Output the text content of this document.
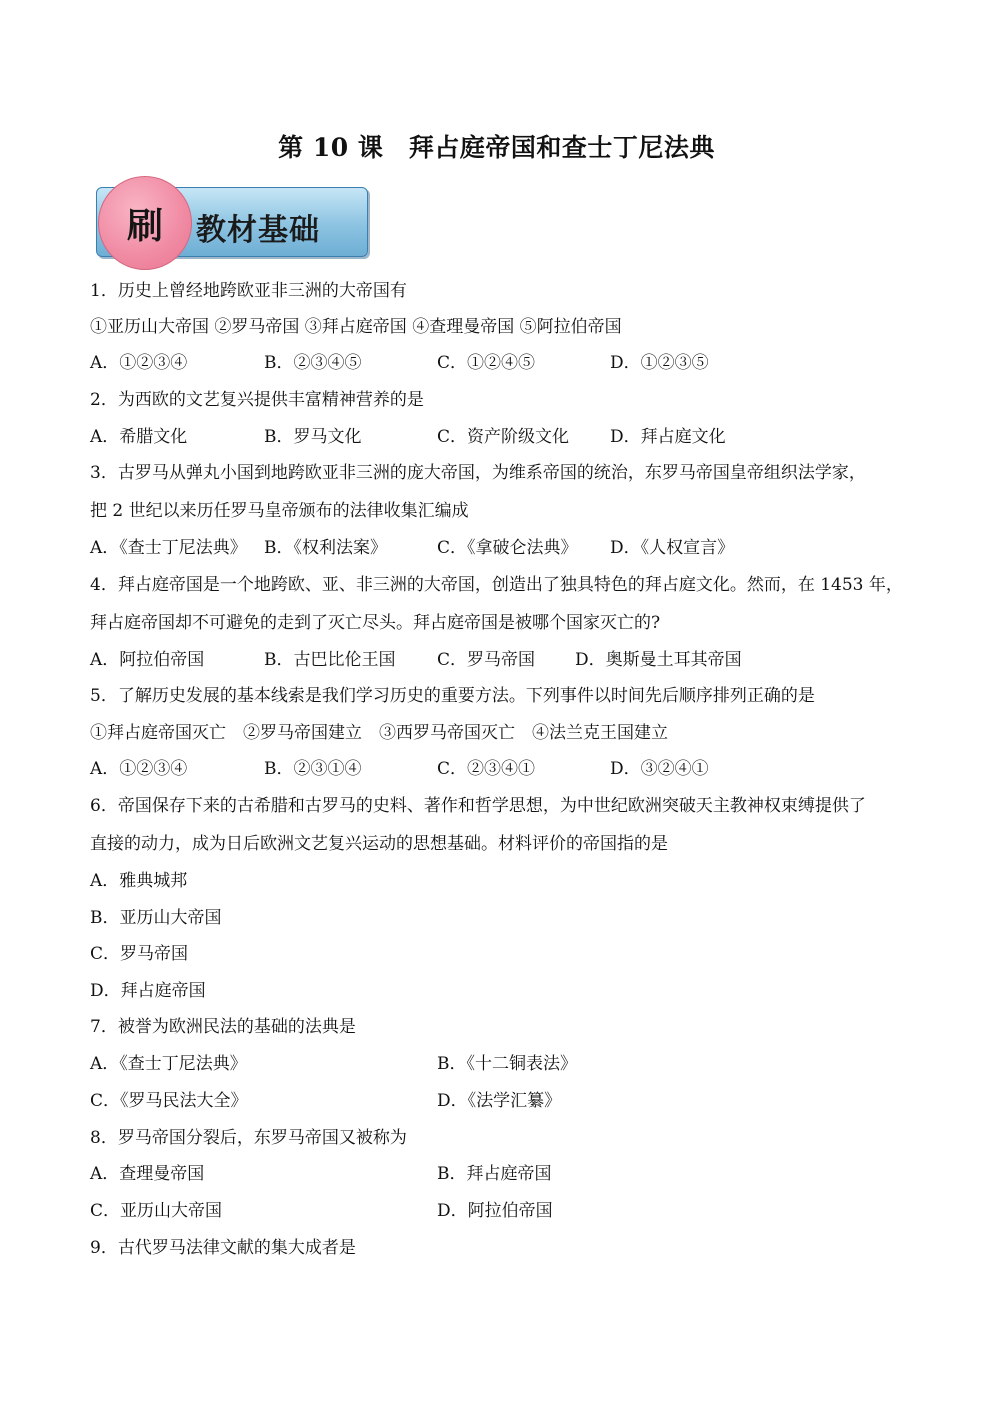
第 10 课　拜占庭帝国和查士丁尼法典
刷	教材基础
1．历史上曾经地跨欧亚非三洲的大帝国有
①亚历山大帝国 ②罗马帝国 ③拜占庭帝国 ④查理曼帝国 ⑤阿拉伯帝国
A．①②③④	B．②③④⑤	C．①②④⑤	D．①②③⑤
2．为西欧的文艺复兴提供丰富精神营养的是
A．希腊文化	B．罗马文化	C．资产阶级文化 D．拜占庭文化
3．古罗马从弹丸小国到地跨欧亚非三洲的庞大帝国，为维系帝国的统治，东罗马帝国皇帝组织法学家，
把 2 世纪以来历任罗马皇帝颁布的法律收集汇编成
A．《查士丁尼法典》 B．《权利法案》	C．《拿破仑法典》 D．《人权宣言》
4．拜占庭帝国是一个地跨欧、亚、非三洲的大帝国，创造出了独具特色的拜占庭文化。然而，在 1453 年，
拜占庭帝国却不可避免的走到了灭亡尽头。拜占庭帝国是被哪个国家灭亡的?
A．阿拉伯帝国	B．古巴比伦王国 C．罗马帝国 D．奥斯曼土耳其帝国
5．了解历史发展的基本线索是我们学习历史的重要方法。下列事件以时间先后顺序排列正确的是
①拜占庭帝国灭亡　②罗马帝国建立　③西罗马帝国灭亡　④法兰克王国建立
A．①②③④	B．②③①④	C．②③④①	D．③②④①
6．帝国保存下来的古希腊和古罗马的史料、著作和哲学思想，为中世纪欧洲突破天主教神权束缚提供了
直接的动力，成为日后欧洲文艺复兴运动的思想基础。材料评价的帝国指的是
A．雅典城邦
B．亚历山大帝国
C．罗马帝国
D．拜占庭帝国
7．被誉为欧洲民法的基础的法典是
A．《查士丁尼法典》	B．《十二铜表法》
C．《罗马民法大全》	D．《法学汇纂》
8．罗马帝国分裂后，东罗马帝国又被称为
A．查理曼帝国	B．拜占庭帝国
C．亚历山大帝国	D．阿拉伯帝国
9．古代罗马法律文献的集大成者是
